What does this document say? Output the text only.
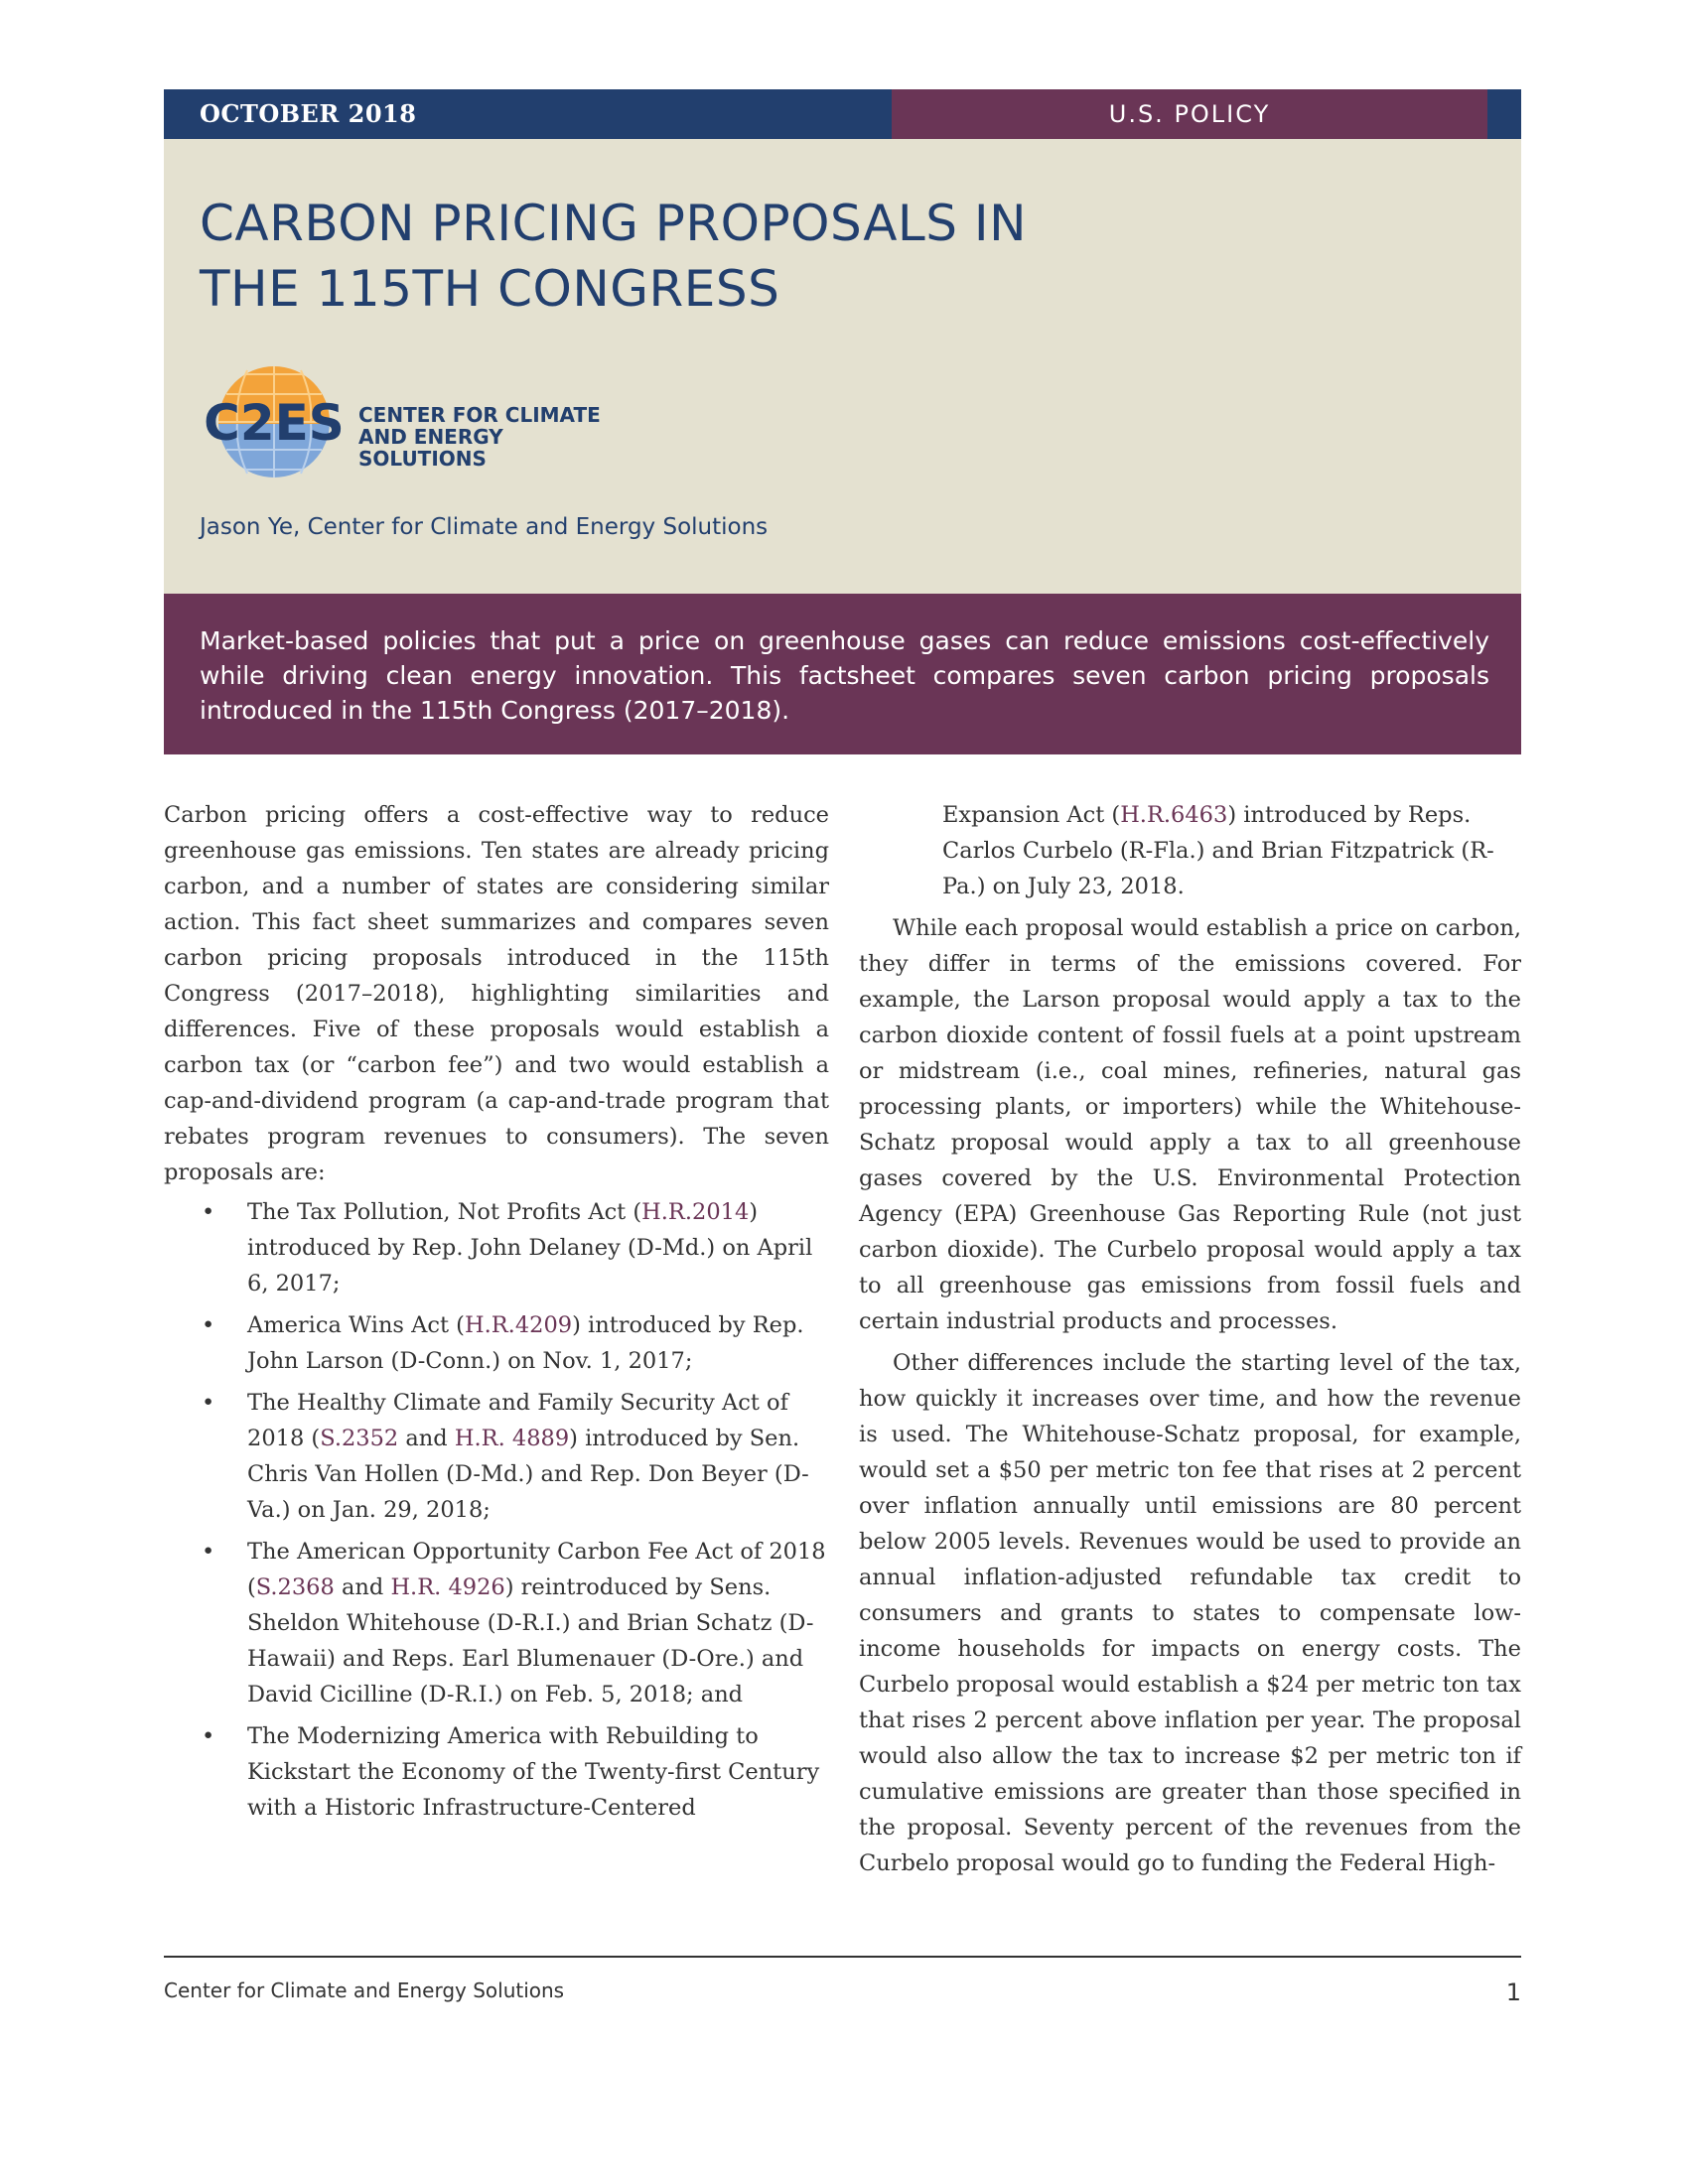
OCTOBER 2018	U.S. POLICY
CARBON PRICING PROPOSALS IN
THE 115TH CONGRESS
C2ES CENTER FOR CLIMATE
AND ENERGY SOLUTIONS
Jason Ye, Center for Climate and Energy Solutions
Market-based policies that put a price on greenhouse gases can reduce emissions cost-effectively while driving clean energy innovation. This factsheet compares seven carbon pricing proposals introduced in the 115th Congress (2017–2018).

Carbon pricing offers a cost-effective way to reduce greenhouse gas emissions. Ten states are already pricing carbon, and a number of states are considering similar action. This fact sheet summarizes and compares seven carbon pricing proposals introduced in the 115th Congress (2017–2018), highlighting similarities and differences. Five of these proposals would establish a carbon tax (or “carbon fee”) and two would establish a cap-and-dividend program (a cap-and-trade program that rebates program revenues to consumers). The seven proposals are:

• The Tax Pollution, Not Profits Act (H.R.2014) introduced by Rep. John Delaney (D-Md.) on April 6, 2017;
• America Wins Act (H.R.4209) introduced by Rep. John Larson (D-Conn.) on Nov. 1, 2017;
• The Healthy Climate and Family Security Act of 2018 (S.2352 and H.R. 4889) introduced by Sen. Chris Van Hollen (D-Md.) and Rep. Don Beyer (D-Va.) on Jan. 29, 2018;
• The American Opportunity Carbon Fee Act of 2018 (S.2368 and H.R. 4926) reintroduced by Sens. Sheldon Whitehouse (D-R.I.) and Brian Schatz (D-Hawaii) and Reps. Earl Blumenauer (D-Ore.) and David Cicilline (D-R.I.) on Feb. 5, 2018; and
• The Modernizing America with Rebuilding to Kickstart the Economy of the Twenty-first Century with a Historic Infrastructure-Centered
Expansion Act (H.R.6463) introduced by Reps. Carlos Curbelo (R-Fla.) and Brian Fitzpatrick (R-Pa.) on July 23, 2018.

While each proposal would establish a price on carbon, they differ in terms of the emissions covered. For example, the Larson proposal would apply a tax to the carbon dioxide content of fossil fuels at a point upstream or midstream (i.e., coal mines, refineries, natural gas processing plants, or importers) while the Whitehouse-Schatz proposal would apply a tax to all greenhouse gases covered by the U.S. Environmental Protection Agency (EPA) Greenhouse Gas Reporting Rule (not just carbon dioxide). The Curbelo proposal would apply a tax to all greenhouse gas emissions from fossil fuels and certain industrial products and processes.

Other differences include the starting level of the tax, how quickly it increases over time, and how the revenue is used. The Whitehouse-Schatz proposal, for example, would set a $50 per metric ton fee that rises at 2 percent over inflation annually until emissions are 80 percent below 2005 levels. Revenues would be used to provide an annual inflation-adjusted refundable tax credit to consumers and grants to states to compensate low-income households for impacts on energy costs. The Curbelo proposal would establish a $24 per metric ton tax that rises 2 percent above inflation per year. The proposal would also allow the tax to increase $2 per metric ton if cumulative emissions are greater than those specified in the proposal. Seventy percent of the revenues from the Curbelo proposal would go to funding the Federal High-

Center for Climate and Energy Solutions	1
